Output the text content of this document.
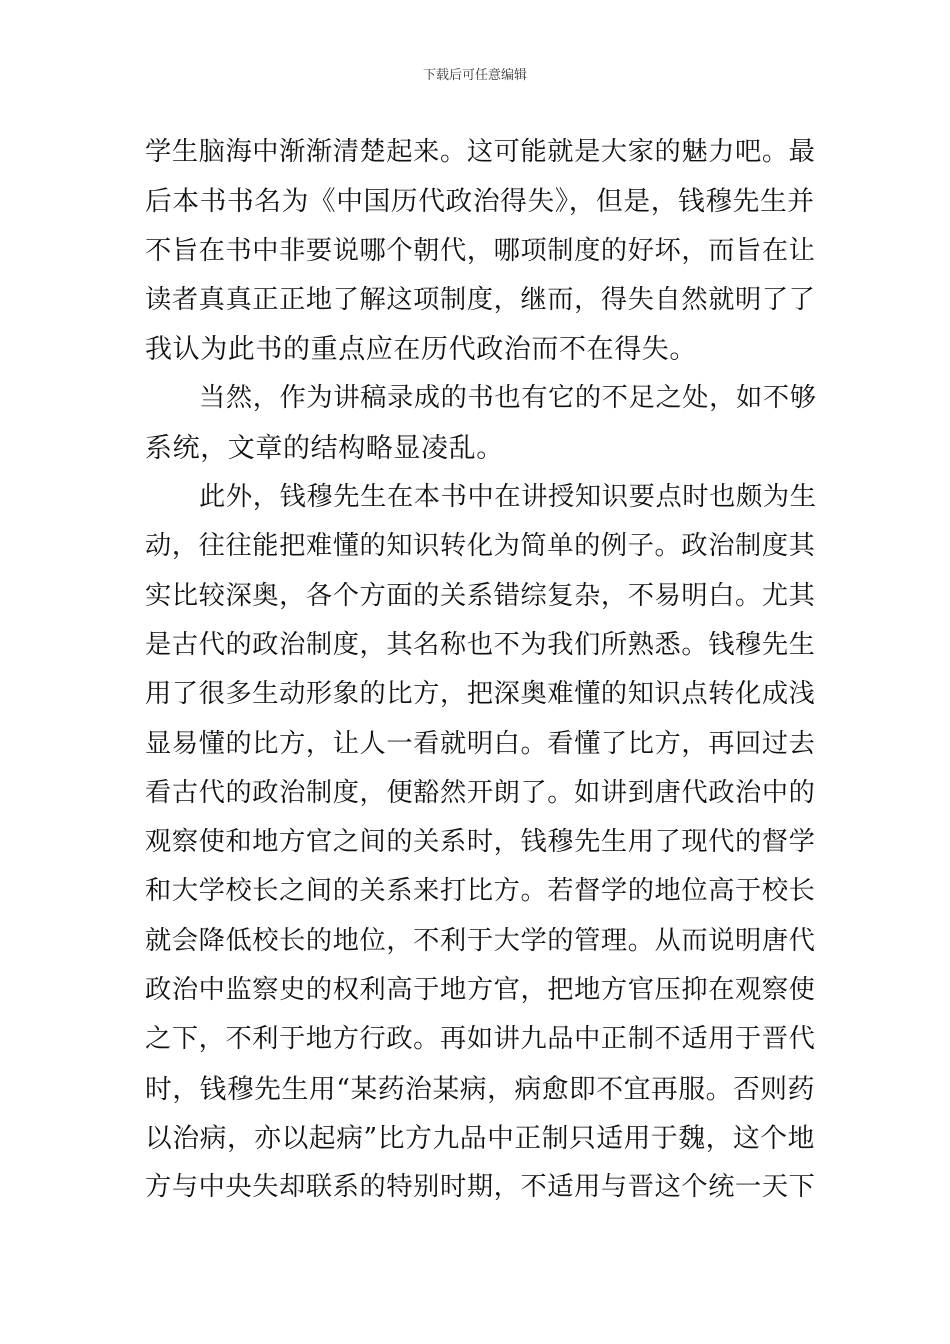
下载后可任意编辑
学生脑海中渐渐清楚起来。这可能就是大家的魅力吧。最
后本书书名为《中国历代政治得失》，但是，钱穆先生并
不旨在书中非要说哪个朝代，哪项制度的好坏，而旨在让
读者真真正正地了解这项制度，继而，得失自然就明了了
我认为此书的重点应在历代政治而不在得失。
当然，作为讲稿录成的书也有它的不足之处，如不够
系统，文章的结构略显凌乱。
此外，钱穆先生在本书中在讲授知识要点时也颇为生
动，往往能把难懂的知识转化为简单的例子。政治制度其
实比较深奥，各个方面的关系错综复杂，不易明白。尤其
是古代的政治制度，其名称也不为我们所熟悉。钱穆先生
用了很多生动形象的比方，把深奥难懂的知识点转化成浅
显易懂的比方，让人一看就明白。看懂了比方，再回过去
看古代的政治制度，便豁然开朗了。如讲到唐代政治中的
观察使和地方官之间的关系时，钱穆先生用了现代的督学
和大学校长之间的关系来打比方。若督学的地位高于校长
就会降低校长的地位，不利于大学的管理。从而说明唐代
政治中监察史的权利高于地方官，把地方官压抑在观察使
之下，不利于地方行政。再如讲九品中正制不适用于晋代
时，钱穆先生用“某药治某病，病愈即不宜再服。否则药
以治病，亦以起病”比方九品中正制只适用于魏，这个地
方与中央失却联系的特别时期，不适用与晋这个统一天下
